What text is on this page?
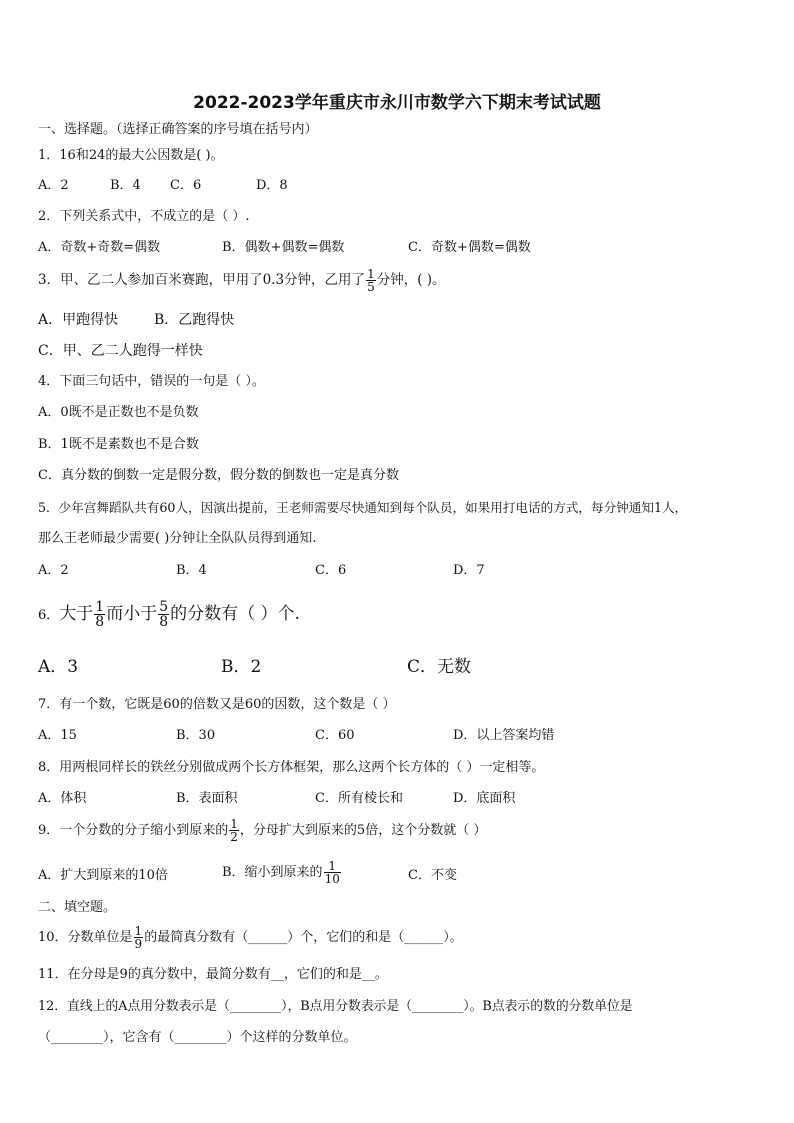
2022-2023学年重庆市永川市数学六下期末考试试题
一、选择题。（选择正确答案的序号填在括号内）
1．16和24的最大公因数是( )。
A．2	B．4 C．6	D．8
2．下列关系式中，不成立的是（ ）.
A．奇数+奇数=偶数	B．偶数+偶数=偶数	C．奇数+偶数=偶数
3．甲、乙二人参加百米赛跑，甲用了0.3分钟，乙用了 $\frac{1}{5}$ 分钟，( )。
A．甲跑得快	B．乙跑得快
C．甲、乙二人跑得一样快
4．下面三句话中，错误的一句是（ ）。
A．0既不是正数也不是负数
B．1既不是素数也不是合数
C．真分数的倒数一定是假分数，假分数的倒数也一定是真分数
5．少年宫舞蹈队共有60人，因演出提前，王老师需要尽快通知到每个队员，如果用打电话的方式，每分钟通知1人，
那么王老师最少需要( )分钟让全队队员得到通知.
A．2	B．4	C．6	D．7
6．大于 $\frac{1}{8}$ 而小于 $\frac{5}{8}$ 的分数有（ ）个.
A．3	B．2	C．无数
7．有一个数，它既是60的倍数又是60的因数，这个数是（ ）
A．15	B．30	C．60	D．以上答案均错
8．用两根同样长的铁丝分别做成两个长方体框架，那么这两个长方体的（ ）一定相等。
A．体积	B．表面积	C．所有棱长和	D．底面积
9．一个分数的分子缩小到原来的 $\frac{1}{2}$ ，分母扩大到原来的5倍，这个分数就（ ）
A．扩大到原来的10倍	B．缩小到原来的 $\frac{1}{10}$	C．不变
二、填空题。
10．分数单位是 $\frac{1}{9}$ 的最简真分数有（______）个，它们的和是（______）。
11．在分母是9的真分数中，最简分数有__，它们的和是__。
12．直线上的A点用分数表示是（________），B点用分数表示是（________）。B点表示的数的分数单位是
（________），它含有（________）个这样的分数单位。
